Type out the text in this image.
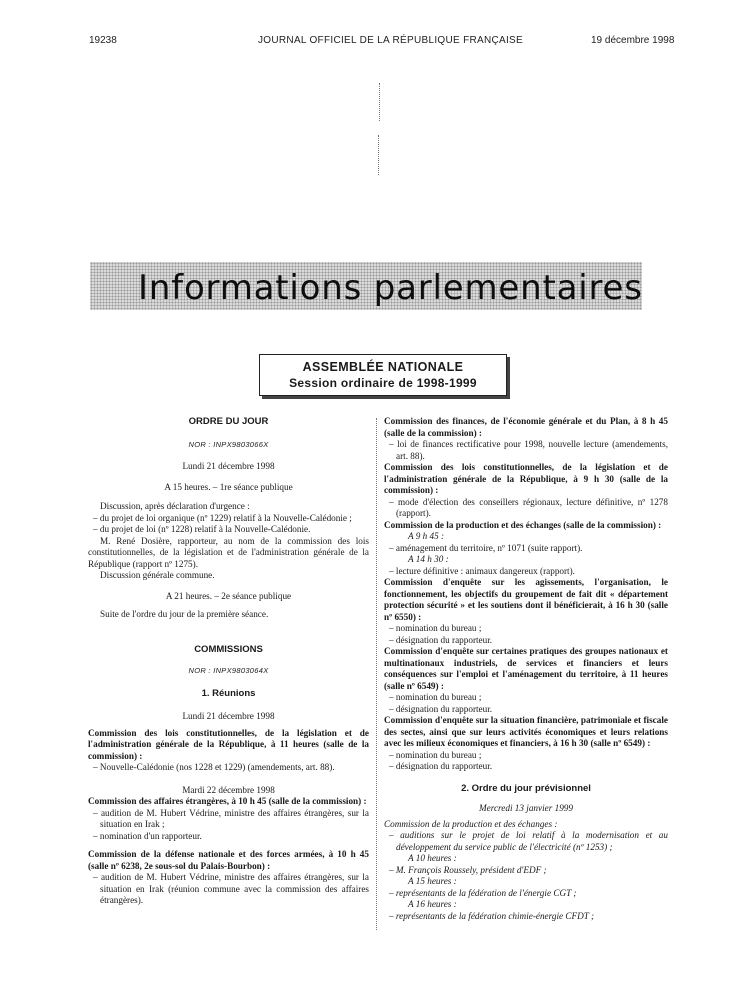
19238	JOURNAL OFFICIEL DE LA RÉPUBLIQUE FRANÇAISE	19 décembre 1998
Informations parlementaires
ASSEMBLÉE NATIONALE
Session ordinaire de 1998-1999
ORDRE DU JOUR
NOR : INPX9803066X
Lundi 21 décembre 1998
A 15 heures. – 1re séance publique
Discussion, après déclaration d'urgence :
– du projet de loi organique (nº 1229) relatif à la Nouvelle-Calédonie ;
– du projet de loi (nº 1228) relatif à la Nouvelle-Calédonie.
M. René Dosière, rapporteur, au nom de la commission des lois constitutionnelles, de la législation et de l'administration générale de la République (rapport nº 1275).
Discussion générale commune.
A 21 heures. – 2e séance publique
Suite de l'ordre du jour de la première séance.
COMMISSIONS
NOR : INPX9803064X
1. Réunions
Lundi 21 décembre 1998
Commission des lois constitutionnelles, de la législation et de l'administration générale de la République, à 11 heures (salle de la commission) :
– Nouvelle-Calédonie (nos 1228 et 1229) (amendements, art. 88).
Mardi 22 décembre 1998
Commission des affaires étrangères, à 10 h 45 (salle de la commission) :
– audition de M. Hubert Védrine, ministre des affaires étrangères, sur la situation en Irak ;
– nomination d'un rapporteur.
Commission de la défense nationale et des forces armées, à 10 h 45 (salle nº 6238, 2e sous-sol du Palais-Bourbon) :
– audition de M. Hubert Védrine, ministre des affaires étrangères, sur la situation en Irak (réunion commune avec la commission des affaires étrangères).
Commission des finances, de l'économie générale et du Plan, à 8 h 45 (salle de la commission) :
– loi de finances rectificative pour 1998, nouvelle lecture (amendements, art. 88).
Commission des lois constitutionnelles, de la législation et de l'administration générale de la République, à 9 h 30 (salle de la commission) :
– mode d'élection des conseillers régionaux, lecture définitive, nº 1278 (rapport).
Commission de la production et des échanges (salle de la commission) :
A 9 h 45 :
– aménagement du territoire, nº 1071 (suite rapport).
A 14 h 30 :
– lecture définitive : animaux dangereux (rapport).
Commission d'enquête sur les agissements, l'organisation, le fonctionnement, les objectifs du groupement de fait dit « département protection sécurité » et les soutiens dont il bénéficierait, à 16 h 30 (salle nº 6550) :
– nomination du bureau ;
– désignation du rapporteur.
Commission d'enquête sur certaines pratiques des groupes nationaux et multinationaux industriels, de services et financiers et leurs conséquences sur l'emploi et l'aménagement du territoire, à 11 heures (salle nº 6549) :
– nomination du bureau ;
– désignation du rapporteur.
Commission d'enquête sur la situation financière, patrimoniale et fiscale des sectes, ainsi que sur leurs activités économiques et leurs relations avec les milieux économiques et financiers, à 16 h 30 (salle nº 6549) :
– nomination du bureau ;
– désignation du rapporteur.
2. Ordre du jour prévisionnel
Mercredi 13 janvier 1999
Commission de la production et des échanges :
– auditions sur le projet de loi relatif à la modernisation et au développement du service public de l'électricité (nº 1253) ;
A 10 heures :
– M. François Roussely, président d'EDF ;
A 15 heures :
– représentants de la fédération de l'énergie CGT ;
A 16 heures :
– représentants de la fédération chimie-énergie CFDT ;
